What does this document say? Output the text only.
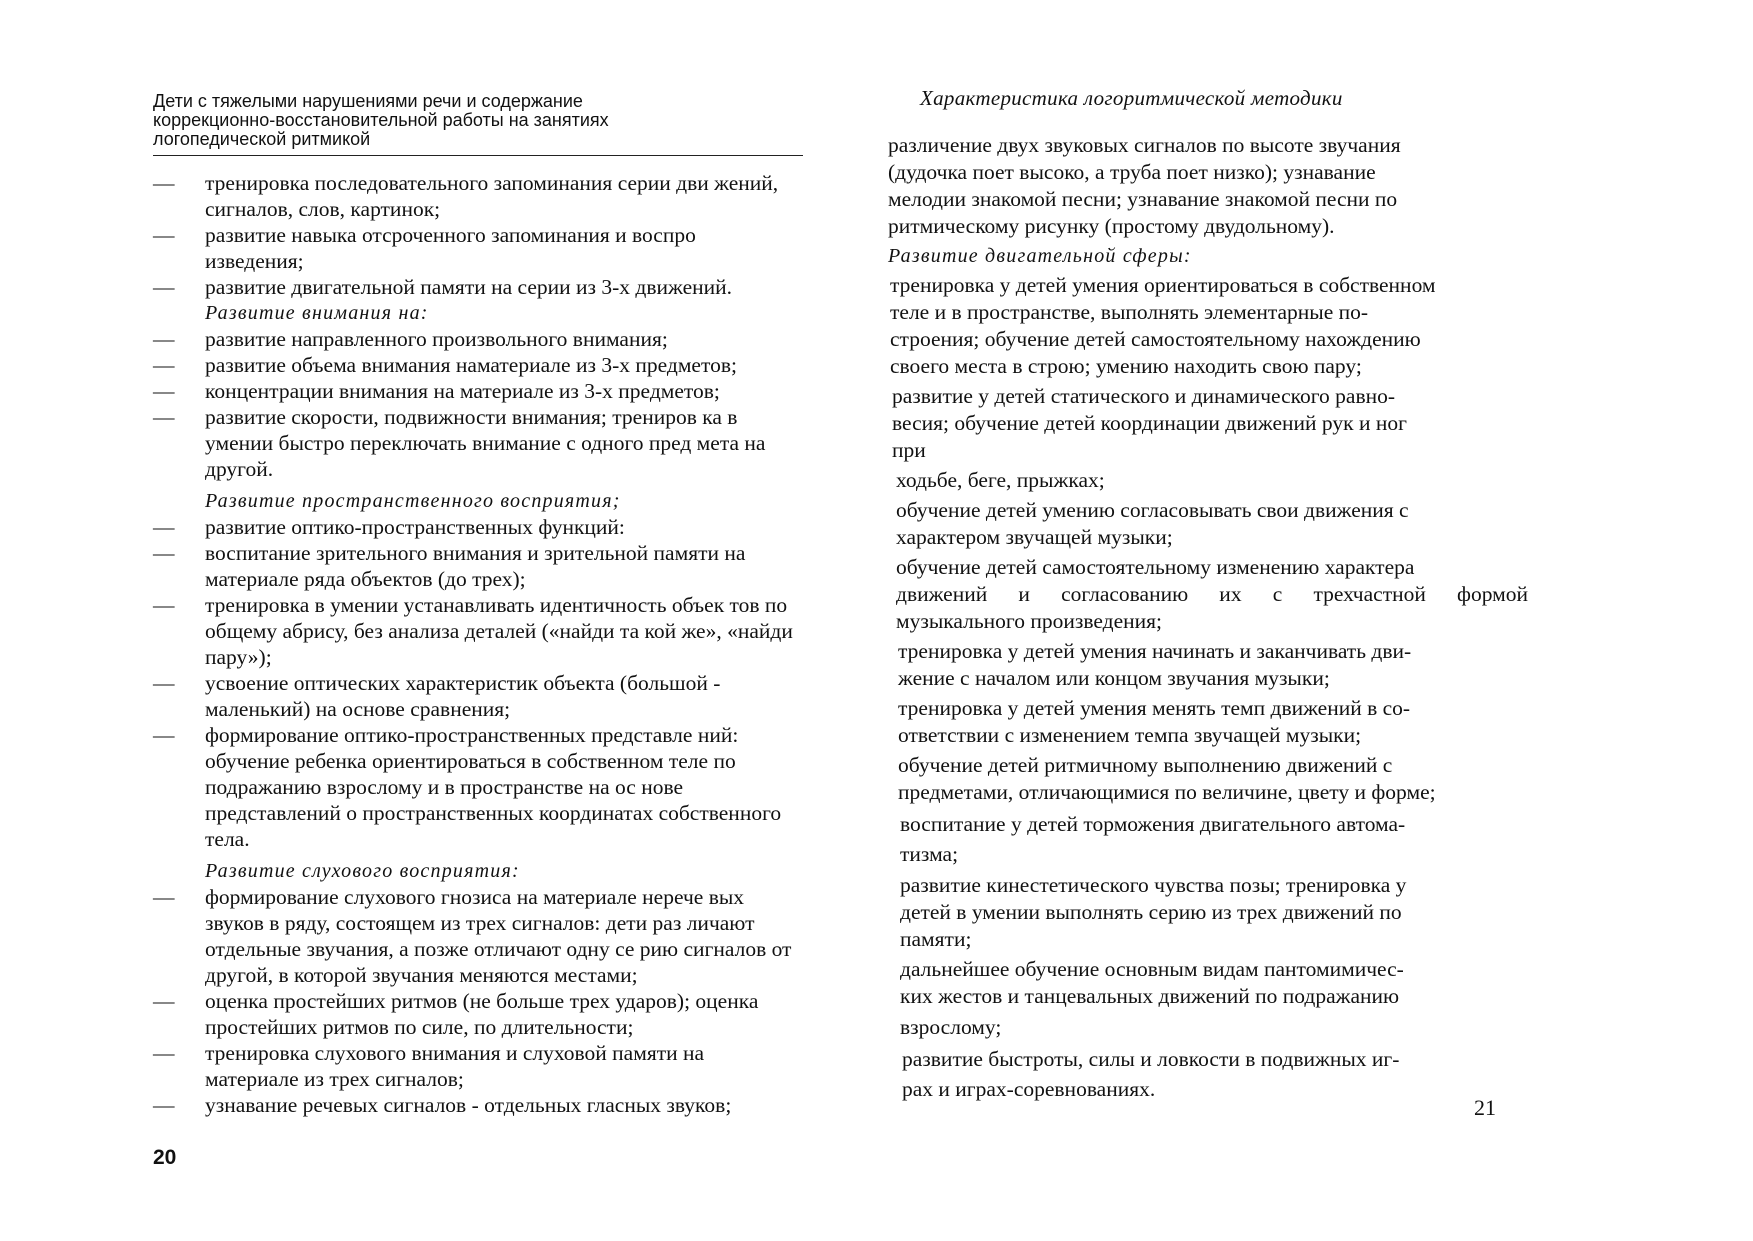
Дети с тяжелыми нарушениями речи и содержание
коррекционно-восстановительной работы на занятиях
логопедической ритмикой
— тренировка последовательного запоминания серии дви жений, сигналов, слов, картинок;
— развитие навыка отсроченного запоминания и воспро изведения;
— развитие двигательной памяти на серии из 3-х движений.
Развитие внимания на:
— развитие направленного произвольного внимания;
— развитие объема внимания наматериале из 3-х предметов;
— концентрации внимания на материале из 3-х предметов;
— развитие скорости, подвижности внимания; трениров ка в умении быстро переключать внимание с одного пред мета на другой.
Развитие пространственного восприятия;
— развитие оптико-пространственных функций:
— воспитание зрительного внимания и зрительной памяти на материале ряда объектов (до трех);
— тренировка в умении устанавливать идентичность объек тов по общему абрису, без анализа деталей («найди та кой же», «найди пару»);
— усвоение оптических характеристик объекта (большой - маленький) на основе сравнения;
— формирование оптико-пространственных представле ний: обучение ребенка ориентироваться в собственном теле по подражанию взрослому и в пространстве на ос нове представлений о пространственных координатах собственного тела.
Развитие слухового восприятия:
— формирование слухового гнозиса на материале нерече вых звуков в ряду, состоящем из трех сигналов: дети раз личают отдельные звучания, а позже отличают одну се рию сигналов от другой, в которой звучания меняются местами;
— оценка простейших ритмов (не больше трех ударов); оценка простейших ритмов по силе, по длительности;
— тренировка слухового внимания и слуховой памяти на материале из трех сигналов;
— узнавание речевых сигналов - отдельных гласных звуков;
20
Характеристика логоритмической методики
различение двух звуковых сигналов по высоте звучания
(дудочка поет высоко, а труба поет низко); узнавание
мелодии знакомой песни; узнавание знакомой песни по
ритмическому рисунку (простому двудольному).
Развитие двигательной сферы:
тренировка у детей умения ориентироваться в собственном
теле и в пространстве, выполнять элементарные по-
строения; обучение детей самостоятельному нахождению
своего места в строю; умению находить свою пару;
развитие у детей статического и динамического равно-
весия; обучение детей координации движений рук и ног
при
ходьбе, беге, прыжках;
обучение детей умению согласовывать свои движения с
характером звучащей музыки;
обучение детей самостоятельному изменению характера
движений и согласованию их с трехчастной формой
музыкального произведения;
тренировка у детей умения начинать и заканчивать дви-
жение с началом или концом звучания музыки;
тренировка у детей умения менять темп движений в со-
ответствии с изменением темпа звучащей музыки;
обучение детей ритмичному выполнению движений с
предметами, отличающимися по величине, цвету и форме;
воспитание у детей торможения двигательного автома-
тизма;
развитие кинестетического чувства позы; тренировка у
детей в умении выполнять серию из трех движений по
памяти;
дальнейшее обучение основным видам пантомимичес-
ких жестов и танцевальных движений по подражанию
взрослому;
развитие быстроты, силы и ловкости в подвижных иг-
рах и играх-соревнованиях.
21
